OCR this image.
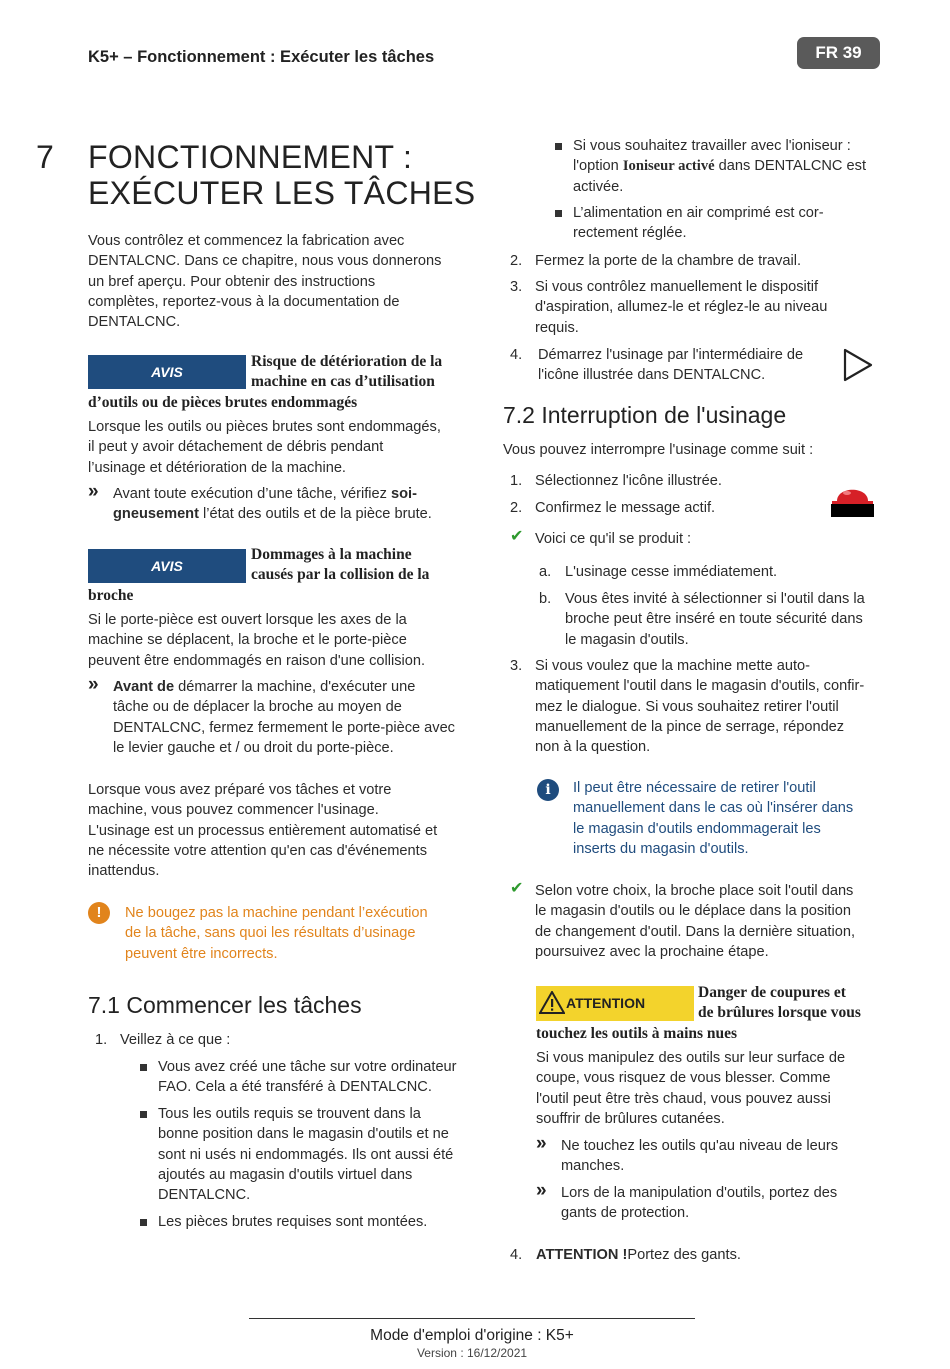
K5+ – Fonctionnement : Exécuter les tâches	FR 39
7 FONCTIONNEMENT :
EXÉCUTER LES TÂCHES
Vous contrôlez et commencez la fabrication avec
DENTALCNC. Dans ce chapitre, nous vous donnerons
un bref aperçu. Pour obtenir des instructions
complètes, reportez-vous à la documentation de
DENTALCNC.
AVIS
Risque de détérioration de la
machine en cas d’utilisation
d’outils ou de pièces brutes endommagés
Lorsque les outils ou pièces brutes sont endommagés,
il peut y avoir détachement de débris pendant
l’usinage et détérioration de la machine.
» Avant toute exécution d’une tâche, vérifiez soi-
gneusement l’état des outils et de la pièce brute.
AVIS
Dommages à la machine
causés par la collision de la
broche
Si le porte-pièce est ouvert lorsque les axes de la
machine se déplacent, la broche et le porte-pièce
peuvent être endommagés en raison d'une collision.
» Avant de démarrer la machine, d'exécuter une
tâche ou de déplacer la broche au moyen de
DENTALCNC, fermez fermement le porte-pièce avec
le levier gauche et / ou droit du porte-pièce.
Lorsque vous avez préparé vos tâches et votre
machine, vous pouvez commencer l'usinage.
L'usinage est un processus entièrement automatisé et
ne nécessite votre attention qu'en cas d'événements
inattendus.
!	Ne bougez pas la machine pendant l’exécution
de la tâche, sans quoi les résultats d’usinage
peuvent être incorrects.
7.1 Commencer les tâches
1. Veillez à ce que :
Vous avez créé une tâche sur votre ordinateur
FAO. Cela a été transféré à DENTALCNC.
Tous les outils requis se trouvent dans la
bonne position dans le magasin d'outils et ne
sont ni usés ni endommagés. Ils ont aussi été
ajoutés au magasin d'outils virtuel dans
DENTALCNC.
Les pièces brutes requises sont montées.
Si vous souhaitez travailler avec l'ioniseur :
l'option Ioniseur activé dans DENTALCNC est
activée.
L’alimentation en air comprimé est cor-
rectement réglée.
2. Fermez la porte de la chambre de travail.
3. Si vous contrôlez manuellement le dispositif
d'aspiration, allumez-le et réglez-le au niveau
requis.
4. Démarrez l'usinage par l'intermédiaire de
l'icône illustrée dans DENTALCNC.
7.2 Interruption de l'usinage
Vous pouvez interrompre l'usinage comme suit :
1. Sélectionnez l'icône illustrée.
2. Confirmez le message actif.
✔ Voici ce qu'il se produit :
a. L'usinage cesse immédiatement.
b. Vous êtes invité à sélectionner si l'outil dans la
broche peut être inséré en toute sécurité dans
le magasin d'outils.
3. Si vous voulez que la machine mette auto-
matiquement l'outil dans le magasin d'outils, confir-
mez le dialogue. Si vous souhaitez retirer l'outil
manuellement de la pince de serrage, répondez
non à la question.
i	Il peut être nécessaire de retirer l'outil
manuellement dans le cas où l'insérer dans
le magasin d'outils endommagerait les
inserts du magasin d'outils.
✔ Selon votre choix, la broche place soit l'outil dans
le magasin d'outils ou le déplace dans la position
de changement d'outil. Dans la dernière situation,
poursuivez avec la prochaine étape.
ATTENTION
Danger de coupures et
de brûlures lorsque vous
touchez les outils à mains nues
Si vous manipulez des outils sur leur surface de
coupe, vous risquez de vous blesser. Comme
l'outil peut être très chaud, vous pouvez aussi
souffrir de brûlures cutanées.
» Ne touchez les outils qu'au niveau de leurs
manches.
» Lors de la manipulation d'outils, portez des
gants de protection.
4. ATTENTION !Portez des gants.
Mode d'emploi d'origine : K5+
Version : 16/12/2021
